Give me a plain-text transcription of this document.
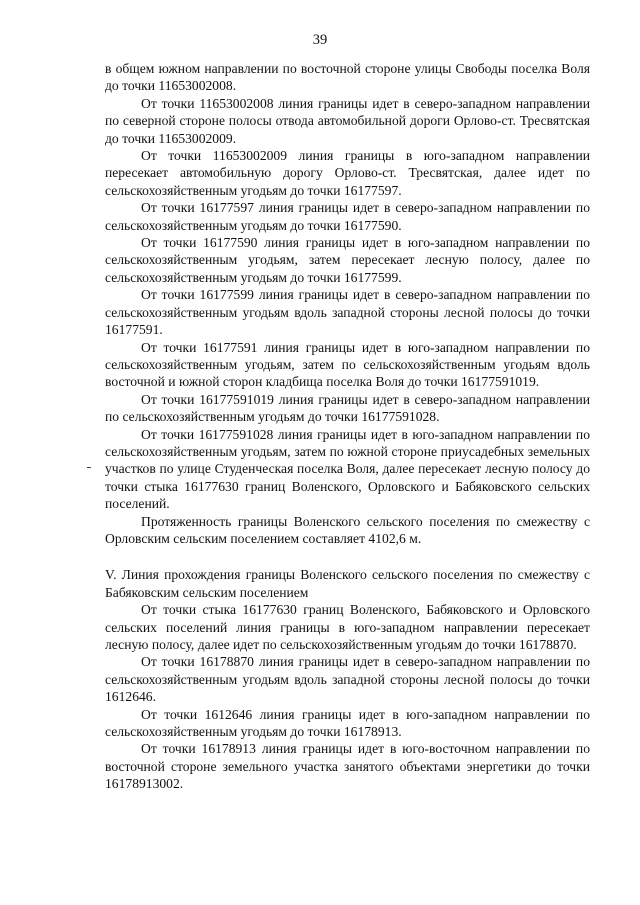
39

в общем южном направлении по восточной стороне улицы Свободы поселка Воля до точки 11653002008.

От точки 11653002008 линия границы идет в северо-западном направлении по северной стороне полосы отвода автомобильной дороги Орлово-ст. Тресвятская до точки 11653002009.

От точки 11653002009 линия границы в юго-западном направлении пересекает автомобильную дорогу Орлово-ст. Тресвятская, далее идет по сельскохозяйственным угодьям до точки 16177597.

От точки 16177597 линия границы идет в северо-западном направлении по сельскохозяйственным угодьям до точки 16177590.

От точки 16177590 линия границы идет в юго-западном направлении по сельскохозяйственным угодьям, затем пересекает лесную полосу, далее по сельскохозяйственным угодьям до точки 16177599.

От точки 16177599 линия границы идет в северо-западном направлении по сельскохозяйственным угодьям вдоль западной стороны лесной полосы до точки 16177591.

От точки 16177591 линия границы идет в юго-западном направлении по сельскохозяйственным угодьям, затем по сельскохозяйственным угодьям вдоль восточной и южной сторон кладбища поселка Воля до точки 16177591019.

От точки 16177591019 линия границы идет в северо-западном направлении по сельскохозяйственным угодьям до точки 16177591028.

От точки 16177591028 линия границы идет в юго-западном направлении по сельскохозяйственным угодьям, затем по южной стороне приусадебных земельных участков по улице Студенческая поселка Воля, далее пересекает лесную полосу до точки стыка 16177630 границ Воленского, Орловского и Бабяковского сельских поселений.

Протяженность границы Воленского сельского поселения по смежеству с Орловским сельским поселением составляет 4102,6 м.

V. Линия прохождения границы Воленского сельского поселения по смежеству с Бабяковским сельским поселением

От точки стыка 16177630 границ Воленского, Бабяковского и Орловского сельских поселений линия границы в юго-западном направлении пересекает лесную полосу, далее идет по сельскохозяйственным угодьям до точки 16178870.

От точки 16178870 линия границы идет в северо-западном направлении по сельскохозяйственным угодьям вдоль западной стороны лесной полосы до точки 1612646.

От точки 1612646 линия границы идет в юго-западном направлении по сельскохозяйственным угодьям до точки 16178913.

От точки 16178913 линия границы идет в юго-восточном направлении по восточной стороне земельного участка занятого объектами энергетики до точки 16178913002.
